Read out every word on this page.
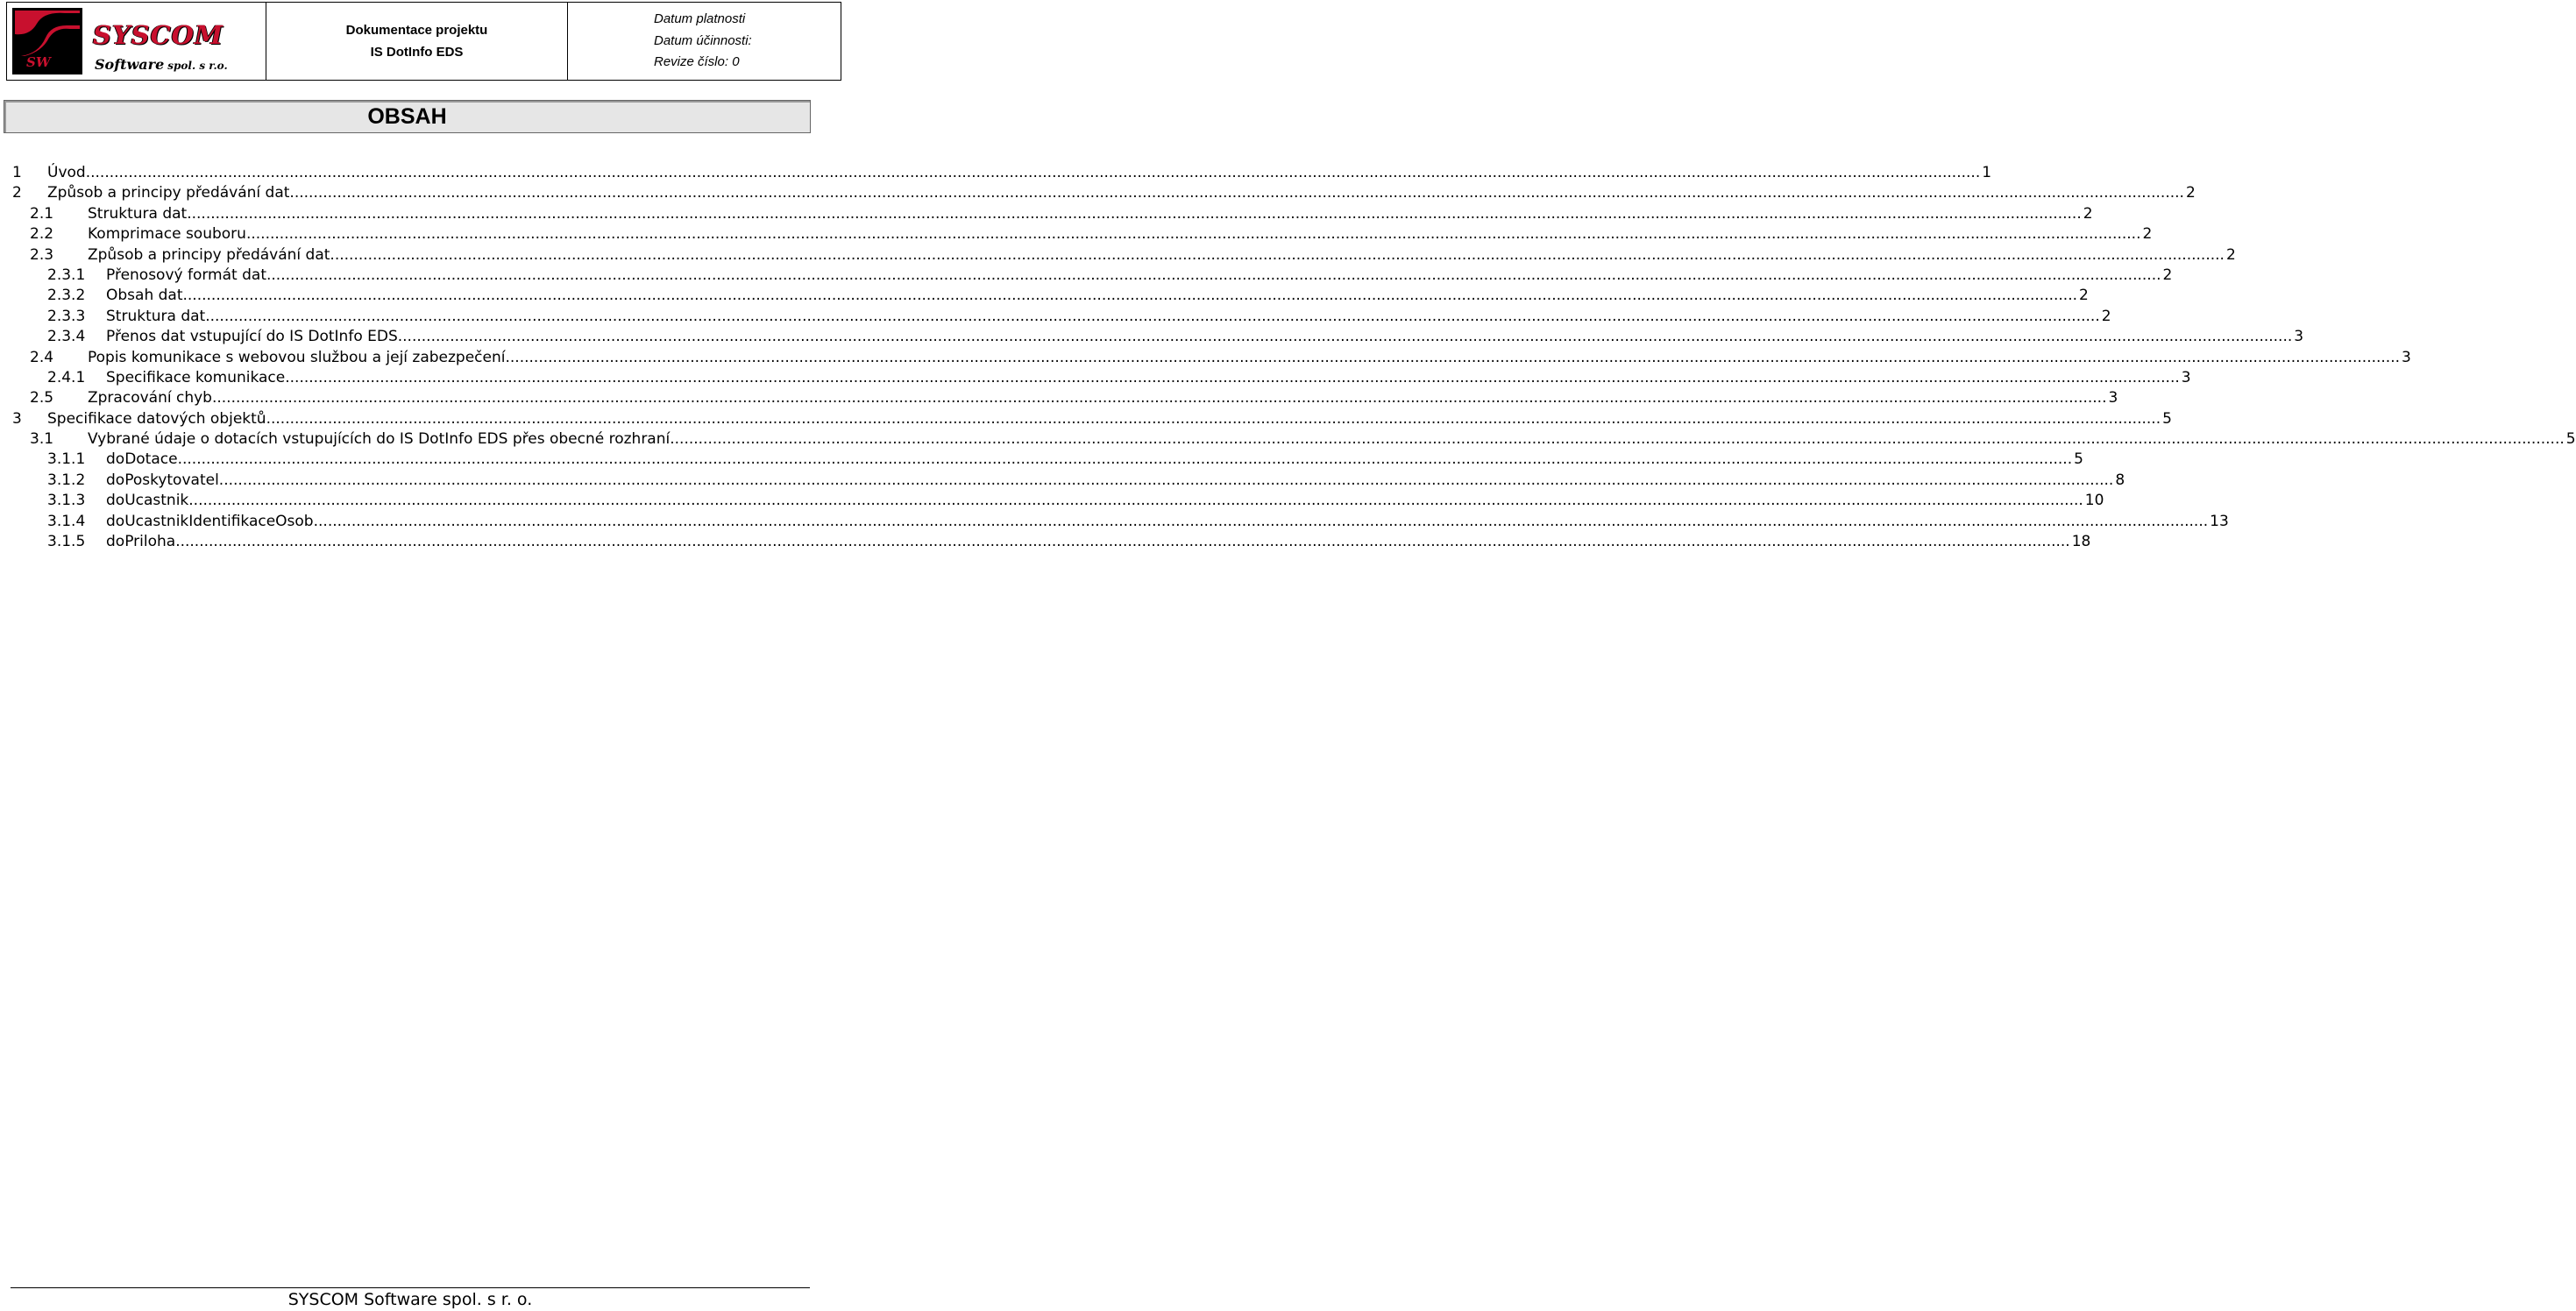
SW
SYSCOM
Software spol. s r.o.
Dokumentace projektu
IS DotInfo EDS
Datum platnosti
Datum účinnosti:
Revize číslo: 0
OBSAH
1 Úvod ................................................................................................................................................................................................................................................................................................................................................................................................................ 1
2 Způsob a principy předávání dat ................................................................................................................................................................................................................................................................................................................................................................................................................ 2
2.1 Struktura dat ................................................................................................................................................................................................................................................................................................................................................................................................................ 2
2.2 Komprimace souboru ................................................................................................................................................................................................................................................................................................................................................................................................................ 2
2.3 Způsob a principy předávání dat ................................................................................................................................................................................................................................................................................................................................................................................................................ 2
2.3.1 Přenosový formát dat ................................................................................................................................................................................................................................................................................................................................................................................................................ 2
2.3.2 Obsah dat ................................................................................................................................................................................................................................................................................................................................................................................................................ 2
2.3.3 Struktura dat ................................................................................................................................................................................................................................................................................................................................................................................................................ 2
2.3.4 Přenos dat vstupující do IS DotInfo EDS ................................................................................................................................................................................................................................................................................................................................................................................................................ 3
2.4 Popis komunikace s webovou službou a její zabezpečení ................................................................................................................................................................................................................................................................................................................................................................................................................ 3
2.4.1 Specifikace komunikace ................................................................................................................................................................................................................................................................................................................................................................................................................ 3
2.5 Zpracování chyb ................................................................................................................................................................................................................................................................................................................................................................................................................ 3
3 Specifikace datových objektů ................................................................................................................................................................................................................................................................................................................................................................................................................ 5
3.1 Vybrané údaje o dotacích vstupujících do IS DotInfo EDS přes obecné rozhraní ................................................................................................................................................................................................................................................................................................................................................................................................................ 5
3.1.1 doDotace ................................................................................................................................................................................................................................................................................................................................................................................................................ 5
3.1.2 doPoskytovatel ................................................................................................................................................................................................................................................................................................................................................................................................................ 8
3.1.3 doUcastnik ................................................................................................................................................................................................................................................................................................................................................................................................................ 10
3.1.4 doUcastnikIdentifikaceOsob ................................................................................................................................................................................................................................................................................................................................................................................................................ 13
3.1.5 doPriloha ................................................................................................................................................................................................................................................................................................................................................................................................................ 18
SYSCOM Software spol. s r. o.
